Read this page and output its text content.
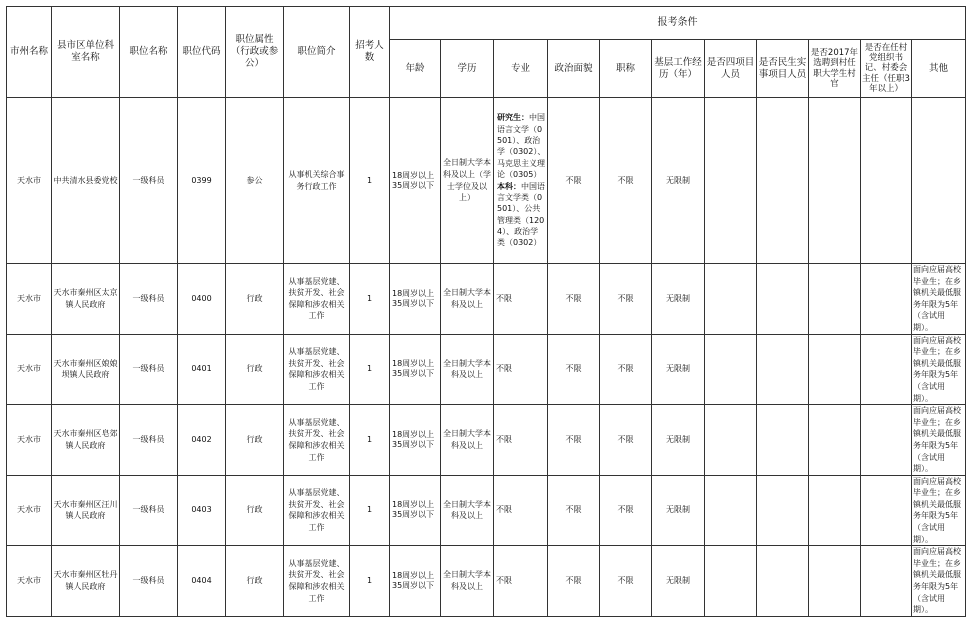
市州名称	县市区单位科室名称	职位名称	职位代码	职位属性（行政或参公）	职位简介	招考人数	报考条件										
							年龄	学历	专业	政治面貌	职称	基层工作经历（年）	是否四项目人员	是否民生实事项目人员	是否2017年选聘到村任职大学生村官	是否在任村党组织书记、村委会主任（任职3年以上）	其他
天水市	中共清水县委党校	一级科员	0399	参公	从事机关综合事务行政工作	1	18周岁以上35周岁以下	全日制大学本科及以上（学士学位及以上）	研究生：中国语言文学（0501）、政治学（0302）、马克思主义理论（0305）
本科：中国语言文学类（0501）、公共管理类（1204）、政治学类（0302）	不限	不限	无限制					
天水市	天水市秦州区太京镇人民政府	一级科员	0400	行政	从事基层党建、扶贫开发、社会保障和涉农相关工作	1	18周岁以上35周岁以下	全日制大学本科及以上	不限	不限	不限	无限制					面向应届高校毕业生；在乡镇机关最低服务年限为5年（含试用期）。
天水市	天水市秦州区娘娘坝镇人民政府	一级科员	0401	行政	从事基层党建、扶贫开发、社会保障和涉农相关工作	1	18周岁以上35周岁以下	全日制大学本科及以上	不限	不限	不限	无限制					面向应届高校毕业生；在乡镇机关最低服务年限为5年（含试用期）。
天水市	天水市秦州区皂郊镇人民政府	一级科员	0402	行政	从事基层党建、扶贫开发、社会保障和涉农相关工作	1	18周岁以上35周岁以下	全日制大学本科及以上	不限	不限	不限	无限制					面向应届高校毕业生；在乡镇机关最低服务年限为5年（含试用期）。
天水市	天水市秦州区汪川镇人民政府	一级科员	0403	行政	从事基层党建、扶贫开发、社会保障和涉农相关工作	1	18周岁以上35周岁以下	全日制大学本科及以上	不限	不限	不限	无限制					面向应届高校毕业生；在乡镇机关最低服务年限为5年（含试用期）。
天水市	天水市秦州区牡丹镇人民政府	一级科员	0404	行政	从事基层党建、扶贫开发、社会保障和涉农相关工作	1	18周岁以上35周岁以下	全日制大学本科及以上	不限	不限	不限	无限制					面向应届高校毕业生；在乡镇机关最低服务年限为5年（含试用期）。
